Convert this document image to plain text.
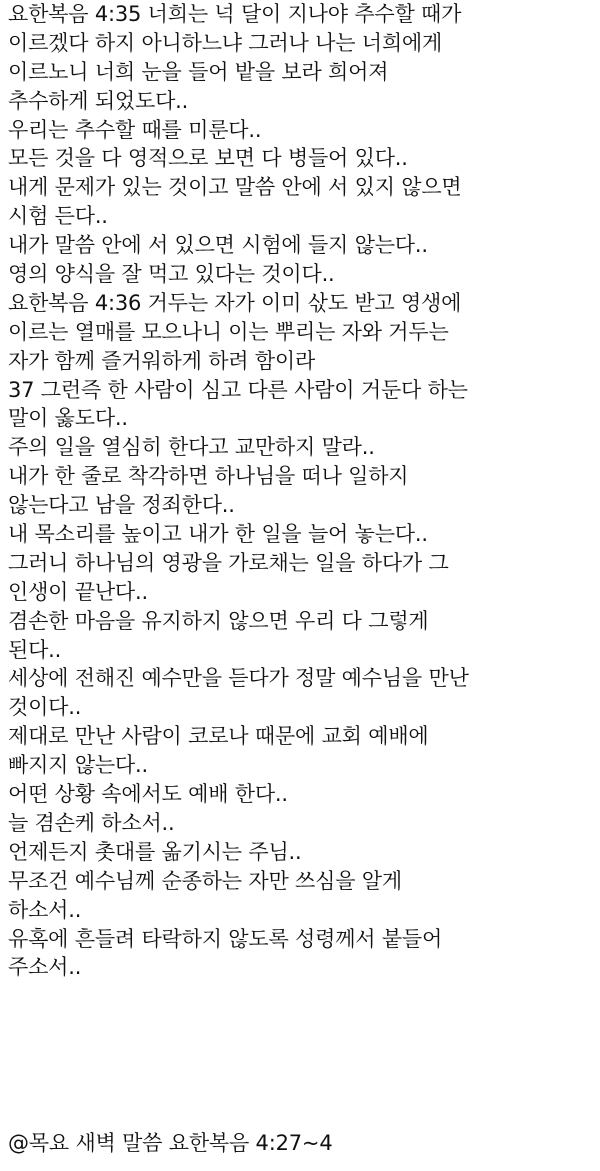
요한복음 4:35 너희는 넉 달이 지나야 추수할 때가
이르겠다 하지 아니하느냐 그러나 나는 너희에게
이르노니 너희 눈을 들어 밭을 보라 희어져
추수하게 되었도다..
우리는 추수할 때를 미룬다..
모든 것을 다 영적으로 보면 다 병들어 있다..
내게 문제가 있는 것이고 말씀 안에 서 있지 않으면
시험 든다..
내가 말씀 안에 서 있으면 시험에 들지 않는다..
영의 양식을 잘 먹고 있다는 것이다..
요한복음 4:36 거두는 자가 이미 삯도 받고 영생에
이르는 열매를 모으나니 이는 뿌리는 자와 거두는
자가 함께 즐거워하게 하려 함이라
37 그런즉 한 사람이 심고 다른 사람이 거둔다 하는
말이 옳도다..
주의 일을 열심히 한다고 교만하지 말라..
내가 한 줄로 착각하면 하나님을 떠나 일하지
않는다고 남을 정죄한다..
내 목소리를 높이고 내가 한 일을 늘어 놓는다..
그러니 하나님의 영광을 가로채는 일을 하다가 그
인생이 끝난다..
겸손한 마음을 유지하지 않으면 우리 다 그렇게
된다..
세상에 전해진 예수만을 듣다가 정말 예수님을 만난
것이다..
제대로 만난 사람이 코로나 때문에 교회 예배에
빠지지 않는다..
어떤 상황 속에서도 예배 한다..
늘 겸손케 하소서..
언제든지 촛대를 옮기시는 주님..
무조건 예수님께 순종하는 자만 쓰심을 알게
하소서..
유혹에 흔들려 타락하지 않도록 성령께서 붙들어
주소서..
@목요 새벽 말씀 요한복음 4:27~4
